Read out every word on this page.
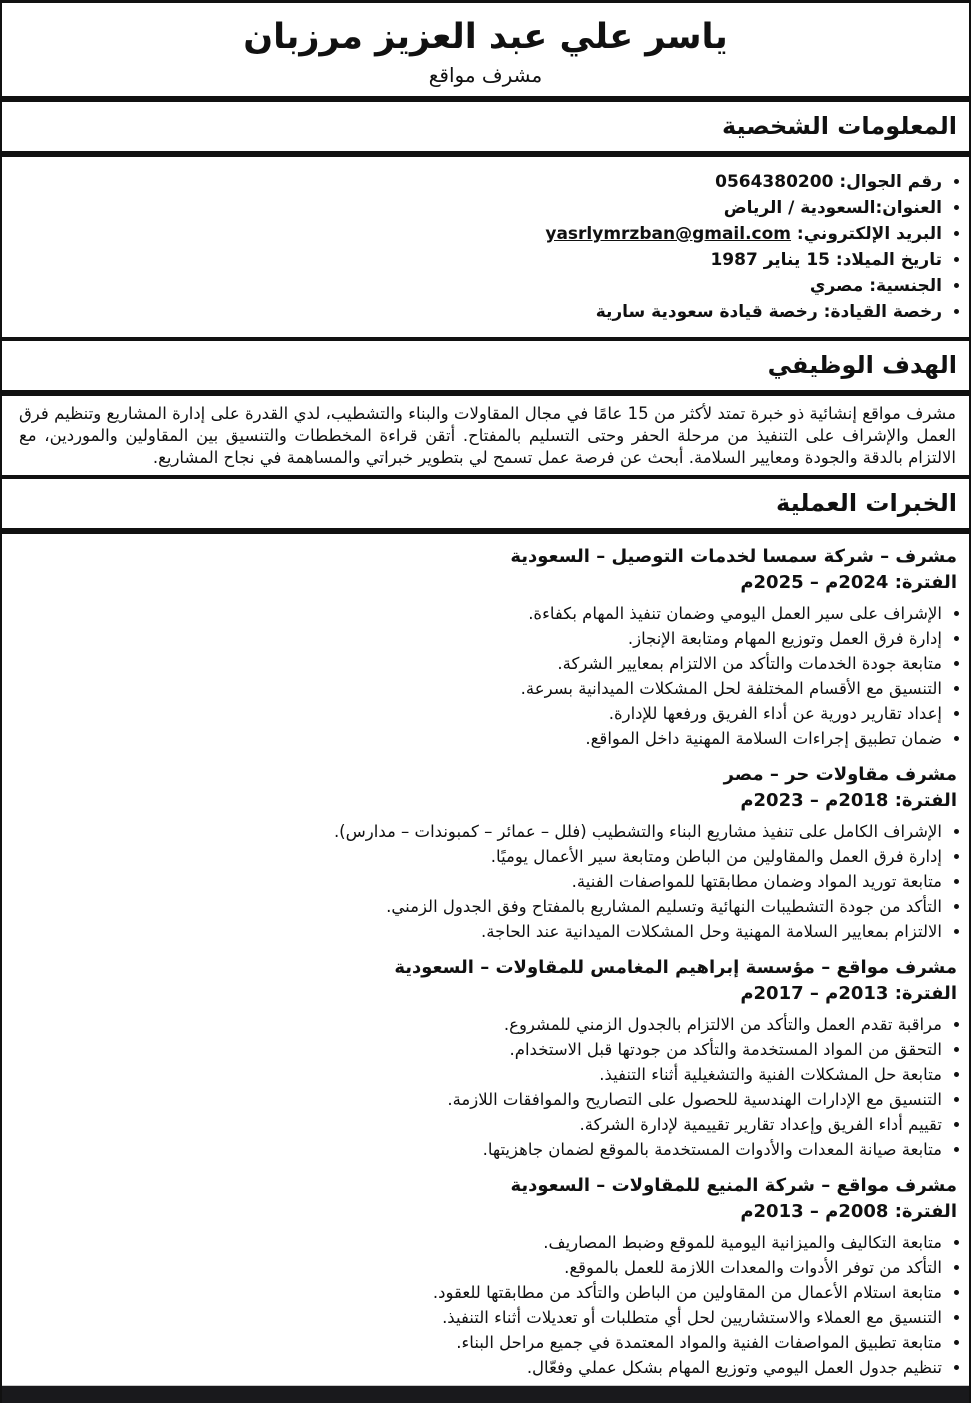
ياسر علي عبد العزيز مرزبان
مشرف مواقع
المعلومات الشخصية
• رقم الجوال: 0564380200
• العنوان:السعودية / الرياض
• البريد الإلكتروني: yasrlymrzban@gmail.com
• تاريخ الميلاد: 15 يناير 1987
• الجنسية: مصري
• رخصة القيادة: رخصة قيادة سعودية سارية
الهدف الوظيفي

مشرف مواقع إنشائية ذو خبرة تمتد لأكثر من 15 عامًا في مجال المقاولات والبناء والتشطيب، لدي القدرة على إدارة المشاريع وتنظيم فرق العمل والإشراف على التنفيذ من مرحلة الحفر وحتى التسليم بالمفتاح. أتقن قراءة المخططات والتنسيق بين المقاولين والموردين، مع الالتزام بالدقة والجودة ومعايير السلامة. أبحث عن فرصة عمل تسمح لي بتطوير خبراتي والمساهمة في نجاح المشاريع.

الخبرات العملية
مشرف – شركة سمسا لخدمات التوصيل – السعودية
الفترة: 2024م – 2025م
• الإشراف على سير العمل اليومي وضمان تنفيذ المهام بكفاءة.
• إدارة فرق العمل وتوزيع المهام ومتابعة الإنجاز.
• متابعة جودة الخدمات والتأكد من الالتزام بمعايير الشركة.
• التنسيق مع الأقسام المختلفة لحل المشكلات الميدانية بسرعة.
• إعداد تقارير دورية عن أداء الفريق ورفعها للإدارة.
• ضمان تطبيق إجراءات السلامة المهنية داخل المواقع.
مشرف مقاولات حر – مصر
الفترة: 2018م – 2023م
• الإشراف الكامل على تنفيذ مشاريع البناء والتشطيب (فلل – عمائر – كمبوندات – مدارس).
• إدارة فرق العمل والمقاولين من الباطن ومتابعة سير الأعمال يوميًا.
• متابعة توريد المواد وضمان مطابقتها للمواصفات الفنية.
• التأكد من جودة التشطيبات النهائية وتسليم المشاريع بالمفتاح وفق الجدول الزمني.
• الالتزام بمعايير السلامة المهنية وحل المشكلات الميدانية عند الحاجة.
مشرف مواقع – مؤسسة إبراهيم المغامس للمقاولات – السعودية
الفترة: 2013م – 2017م
• مراقبة تقدم العمل والتأكد من الالتزام بالجدول الزمني للمشروع.
• التحقق من المواد المستخدمة والتأكد من جودتها قبل الاستخدام.
• متابعة حل المشكلات الفنية والتشغيلية أثناء التنفيذ.
• التنسيق مع الإدارات الهندسية للحصول على التصاريح والموافقات اللازمة.
• تقييم أداء الفريق وإعداد تقارير تقييمية لإدارة الشركة.
• متابعة صيانة المعدات والأدوات المستخدمة بالموقع لضمان جاهزيتها.
مشرف مواقع – شركة المنيع للمقاولات – السعودية
الفترة: 2008م – 2013م
• متابعة التكاليف والميزانية اليومية للموقع وضبط المصاريف.
• التأكد من توفر الأدوات والمعدات اللازمة للعمل بالموقع.
• متابعة استلام الأعمال من المقاولين من الباطن والتأكد من مطابقتها للعقود.
• التنسيق مع العملاء والاستشاريين لحل أي متطلبات أو تعديلات أثناء التنفيذ.
• متابعة تطبيق المواصفات الفنية والمواد المعتمدة في جميع مراحل البناء.
• تنظيم جدول العمل اليومي وتوزيع المهام بشكل عملي وفعّال.
